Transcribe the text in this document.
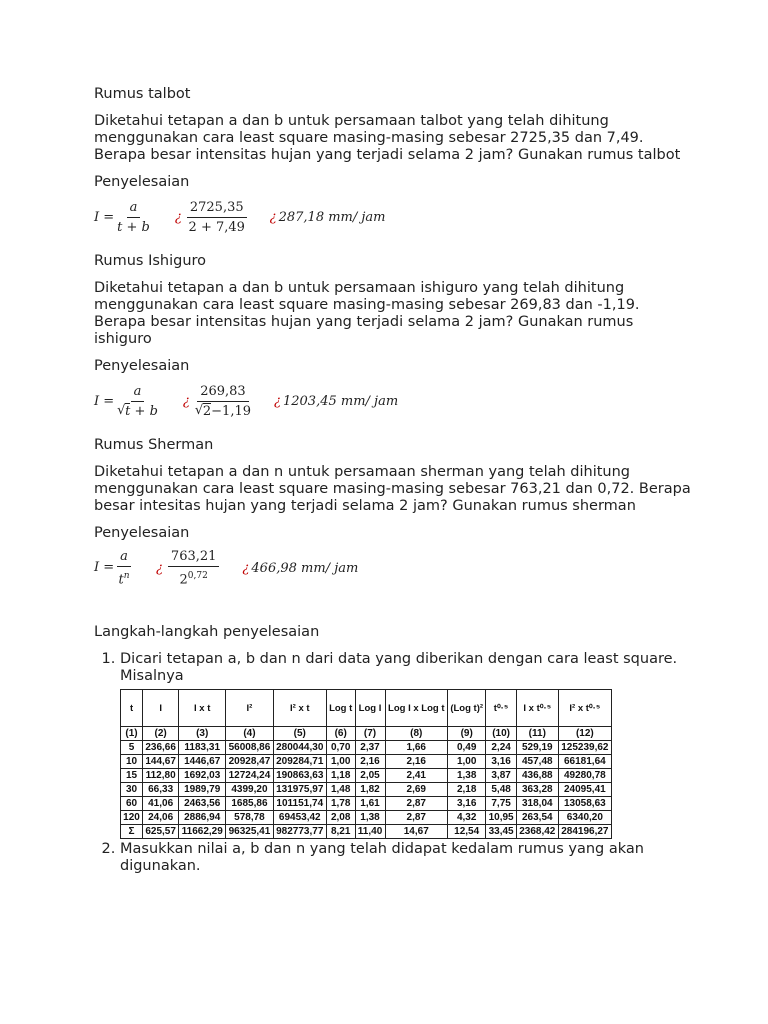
Rumus talbot

Diketahui tetapan a dan b untuk persamaan talbot yang telah dihitung menggunakan cara least square masing-masing sebesar 2725,35 dan 7,49. Berapa besar intensitas hujan yang terjadi selama 2 jam? Gunakan rumus talbot

Penyelesaian

$I = \frac{a}{t + b}$ ¿ $\frac{2725,35}{2 + 7,49}$ ¿ 287,18 mm/ jam

Rumus Ishiguro

Diketahui tetapan a dan b untuk persamaan ishiguro yang telah dihitung menggunakan cara least square masing-masing sebesar 269,83 dan -1,19. Berapa besar intensitas hujan yang terjadi selama 2 jam? Gunakan rumus ishiguro

Penyelesaian

$I = \frac{a}{√ t + b}$ ¿ $\frac{269,83}{√ 2-1,19}$ ¿ 1203,45 mm/ jam

Rumus Sherman

Diketahui tetapan a dan n untuk persamaan sherman yang telah dihitung menggunakan cara least square masing-masing sebesar 763,21 dan 0,72. Berapa besar intesitas hujan yang terjadi selama 2 jam? Gunakan rumus sherman

Penyelesaian

$I = \frac{a}{t^n}$ ¿ $\frac{763,21}{2^{0,72}}$ ¿ 466,98 mm/ jam

Langkah-langkah penyelesaian

1. Dicari tetapan a, b dan n dari data yang diberikan dengan cara least square. Misalnya
t	I	I x t	I²	I² x t	Log t	Log I	Log I x Log t	(Log t)²	t⁰·⁵	I x t⁰·⁵	I² x t⁰·⁵
(1)	(2)	(3)	(4)	(5)	(6)	(7)	(8)	(9)	(10)	(11)	(12)
5	236,66	1183,31	56008,86	280044,30	0,70	2,37	1,66	0,49	2,24	529,19	125239,62
10	144,67	1446,67	20928,47	209284,71	1,00	2,16	2,16	1,00	3,16	457,48	66181,64
15	112,80	1692,03	12724,24	190863,63	1,18	2,05	2,41	1,38	3,87	436,88	49280,78
30	66,33	1989,79	4399,20	131975,97	1,48	1,82	2,69	2,18	5,48	363,28	24095,41
60	41,06	2463,56	1685,86	101151,74	1,78	1,61	2,87	3,16	7,75	318,04	13058,63
120	24,06	2886,94	578,78	69453,42	2,08	1,38	2,87	4,32	10,95	263,54	6340,20
Σ	625,57	11662,29	96325,41	982773,77	8,21	11,40	14,67	12,54	33,45	2368,42	284196,27
2. Masukkan nilai a, b dan n yang telah didapat kedalam rumus yang akan digunakan.
